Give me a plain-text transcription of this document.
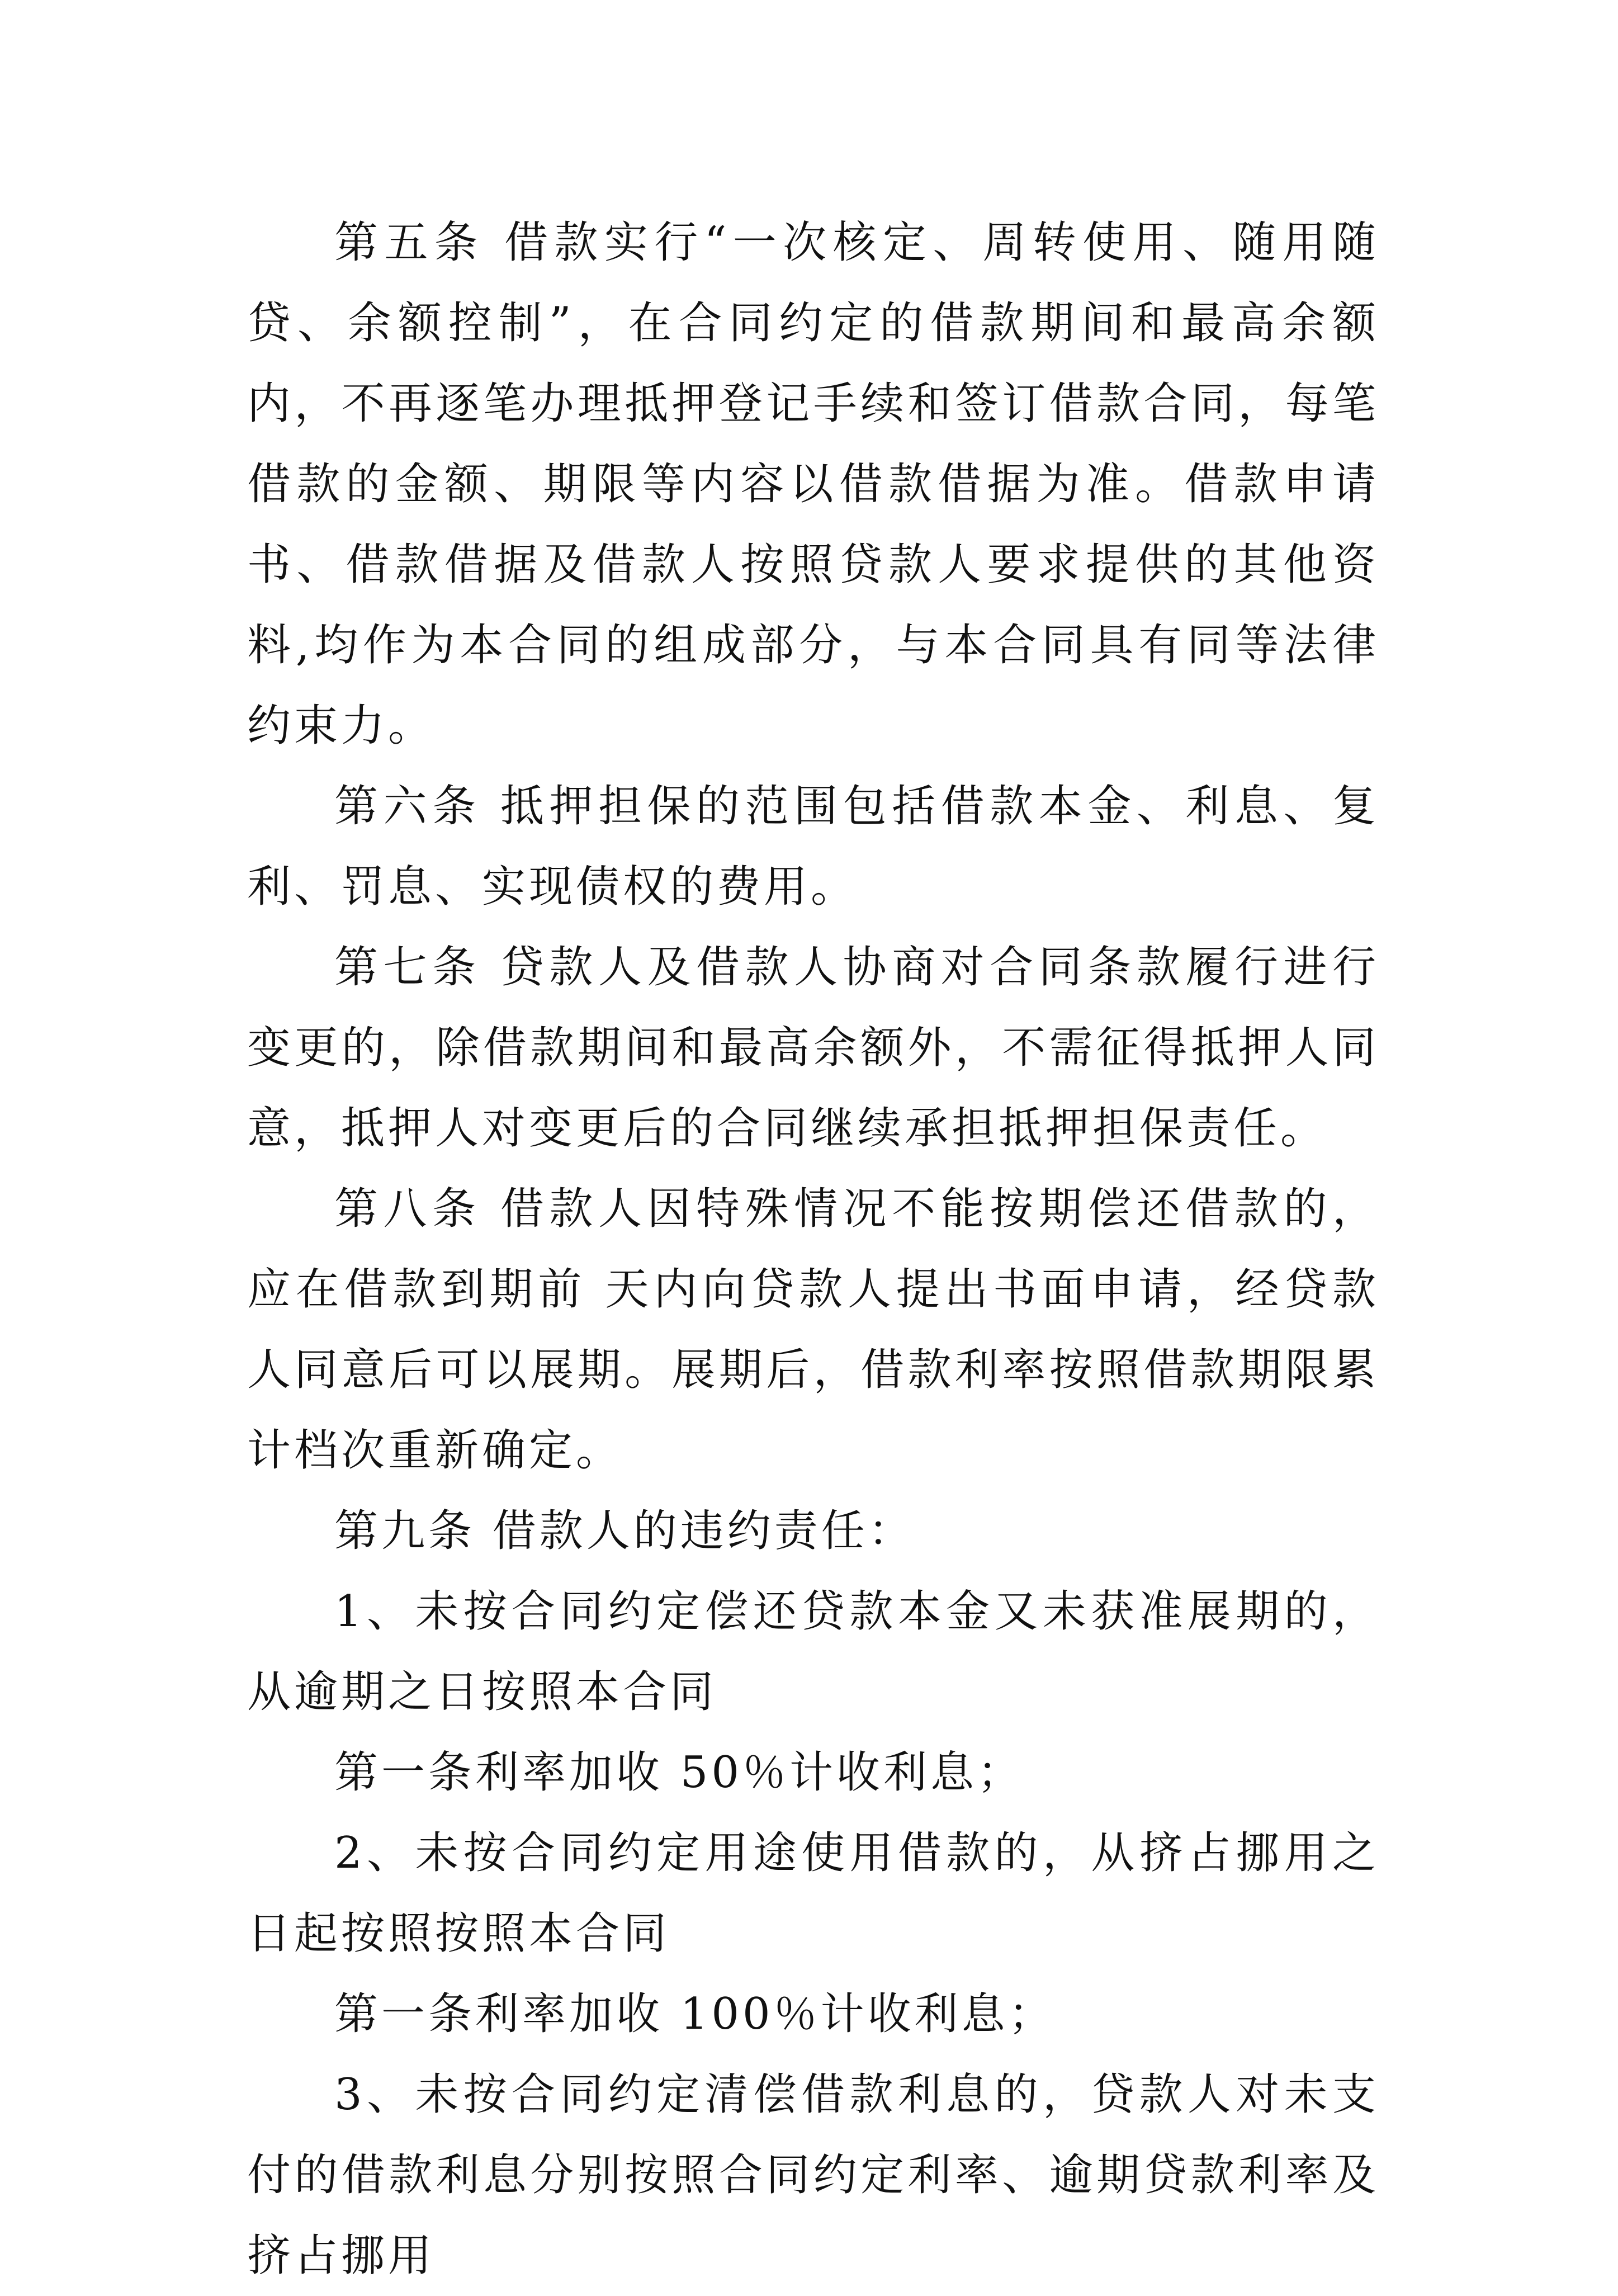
第五条 借款实行“一次核定、周转使用、随用随贷、余额控制”，在合同约定的借款期间和最高余额内，不再逐笔办理抵押登记手续和签订借款合同，每笔借款的金额、期限等内容以借款借据为准。借款申请书、借款借据及借款人按照贷款人要求提供的其他资料,均作为本合同的组成部分，与本合同具有同等法律约束力。

第六条 抵押担保的范围包括借款本金、利息、复利、罚息、实现债权的费用。

第七条 贷款人及借款人协商对合同条款履行进行变更的，除借款期间和最高余额外，不需征得抵押人同意，抵押人对变更后的合同继续承担抵押担保责任。

第八条 借款人因特殊情况不能按期偿还借款的，应在借款到期前 天内向贷款人提出书面申请，经贷款人同意后可以展期。展期后，借款利率按照借款期限累计档次重新确定。

第九条 借款人的违约责任：

1、未按合同约定偿还贷款本金又未获准展期的，从逾期之日按照本合同

第一条利率加收 50％计收利息；

2、未按合同约定用途使用借款的，从挤占挪用之日起按照按照本合同

第一条利率加收 100％计收利息；

3、未按合同约定清偿借款利息的，贷款人对未支付的借款利息分别按照合同约定利率、逾期贷款利率及挤占挪用
